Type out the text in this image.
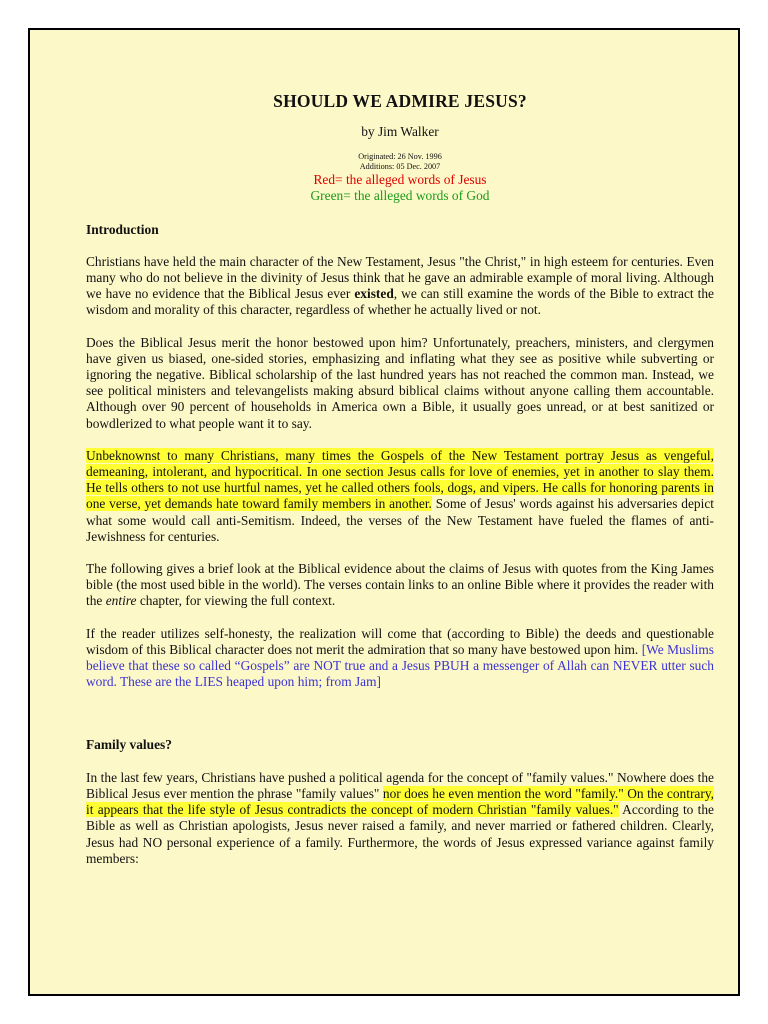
SHOULD WE ADMIRE JESUS?
by Jim Walker
Originated: 26 Nov. 1996
Additions: 05 Dec. 2007
Red= the alleged words of Jesus
Green= the alleged words of God
Introduction

Christians have held the main character of the New Testament, Jesus "the Christ," in high esteem for centuries. Even many who do not believe in the divinity of Jesus think that he gave an admirable example of moral living. Although we have no evidence that the Biblical Jesus ever existed, we can still examine the words of the Bible to extract the wisdom and morality of this character, regardless of whether he actually lived or not.

Does the Biblical Jesus merit the honor bestowed upon him? Unfortunately, preachers, ministers, and clergymen have given us biased, one-sided stories, emphasizing and inflating what they see as positive while subverting or ignoring the negative. Biblical scholarship of the last hundred years has not reached the common man. Instead, we see political ministers and televangelists making absurd biblical claims without anyone calling them accountable. Although over 90 percent of households in America own a Bible, it usually goes unread, or at best sanitized or bowdlerized to what people want it to say.

Unbeknownst to many Christians, many times the Gospels of the New Testament portray Jesus as vengeful, demeaning, intolerant, and hypocritical. In one section Jesus calls for love of enemies, yet in another to slay them. He tells others to not use hurtful names, yet he called others fools, dogs, and vipers. He calls for honoring parents in one verse, yet demands hate toward family members in another. Some of Jesus' words against his adversaries depict what some would call anti-Semitism. Indeed, the verses of the New Testament have fueled the flames of anti-Jewishness for centuries.

The following gives a brief look at the Biblical evidence about the claims of Jesus with quotes from the King James bible (the most used bible in the world). The verses contain links to an online Bible where it provides the reader with the entire chapter, for viewing the full context.

If the reader utilizes self-honesty, the realization will come that (according to Bible) the deeds and questionable wisdom of this Biblical character does not merit the admiration that so many have bestowed upon him. [We Muslims believe that these so called “Gospels” are NOT true and a Jesus PBUH a messenger of Allah can NEVER utter such word. These are the LIES heaped upon him; from Jam]

Family values?

In the last few years, Christians have pushed a political agenda for the concept of "family values." Nowhere does the Biblical Jesus ever mention the phrase "family values" nor does he even mention the word "family." On the contrary, it appears that the life style of Jesus contradicts the concept of modern Christian "family values." According to the Bible as well as Christian apologists, Jesus never raised a family, and never married or fathered children. Clearly, Jesus had NO personal experience of a family. Furthermore, the words of Jesus expressed variance against family members:
